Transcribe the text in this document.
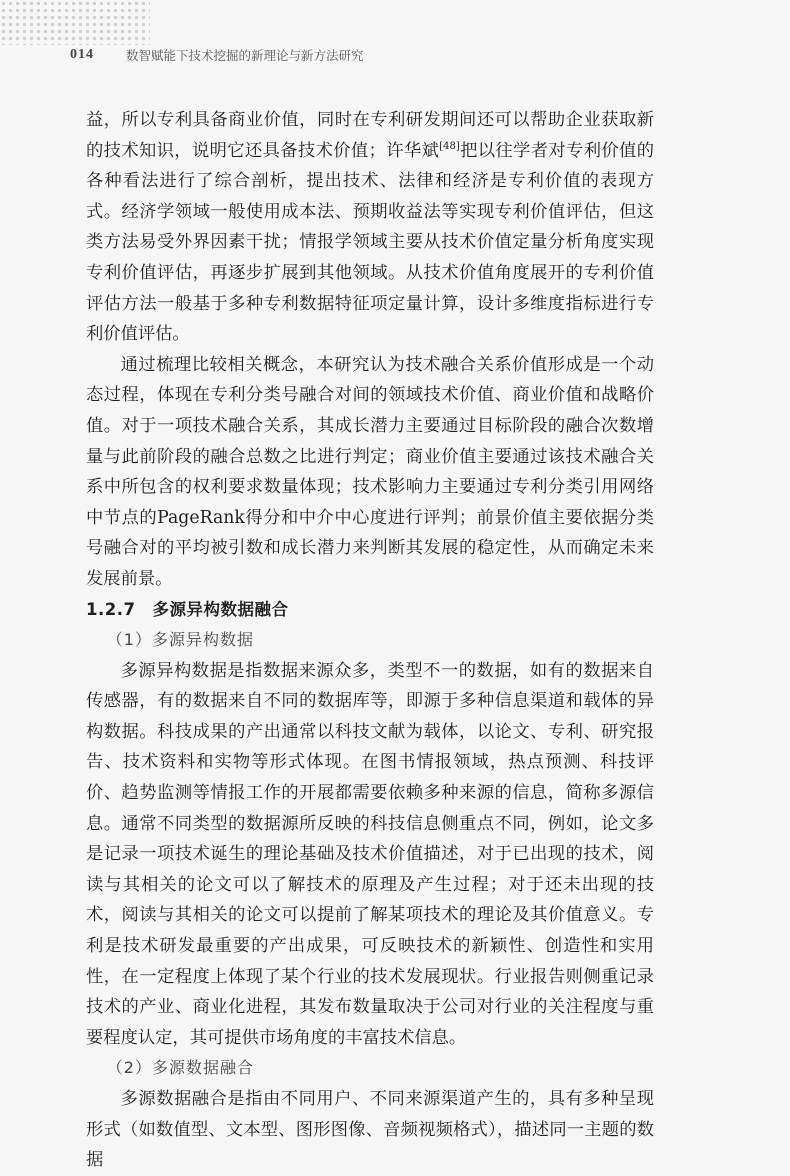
014	数智赋能下技术挖掘的新理论与新方法研究

益，所以专利具备商业价值，同时在专利研发期间还可以帮助企业获取新的技术知识，说明它还具备技术价值；许华斌[48]把以往学者对专利价值的各种看法进行了综合剖析，提出技术、法律和经济是专利价值的表现方式。经济学领域一般使用成本法、预期收益法等实现专利价值评估，但这类方法易受外界因素干扰；情报学领域主要从技术价值定量分析角度实现专利价值评估，再逐步扩展到其他领域。从技术价值角度展开的专利价值评估方法一般基于多种专利数据特征项定量计算，设计多维度指标进行专利价值评估。

通过梳理比较相关概念，本研究认为技术融合关系价值形成是一个动态过程，体现在专利分类号融合对间的领域技术价值、商业价值和战略价值。对于一项技术融合关系，其成长潜力主要通过目标阶段的融合次数增量与此前阶段的融合总数之比进行判定；商业价值主要通过该技术融合关系中所包含的权利要求数量体现；技术影响力主要通过专利分类引用网络中节点的PageRank得分和中介中心度进行评判；前景价值主要依据分类号融合对的平均被引数和成长潜力来判断其发展的稳定性，从而确定未来发展前景。

1.2.7　多源异构数据融合

（1）多源异构数据

多源异构数据是指数据来源众多，类型不一的数据，如有的数据来自传感器，有的数据来自不同的数据库等，即源于多种信息渠道和载体的异构数据。科技成果的产出通常以科技文献为载体，以论文、专利、研究报告、技术资料和实物等形式体现。在图书情报领域，热点预测、科技评价、趋势监测等情报工作的开展都需要依赖多种来源的信息，简称多源信息。通常不同类型的数据源所反映的科技信息侧重点不同，例如，论文多是记录一项技术诞生的理论基础及技术价值描述，对于已出现的技术，阅读与其相关的论文可以了解技术的原理及产生过程；对于还未出现的技术，阅读与其相关的论文可以提前了解某项技术的理论及其价值意义。专利是技术研发最重要的产出成果，可反映技术的新颖性、创造性和实用性，在一定程度上体现了某个行业的技术发展现状。行业报告则侧重记录技术的产业、商业化进程，其发布数量取决于公司对行业的关注程度与重要程度认定，其可提供市场角度的丰富技术信息。

（2）多源数据融合

多源数据融合是指由不同用户、不同来源渠道产生的，具有多种呈现形式（如数值型、文本型、图形图像、音频视频格式），描述同一主题的数据
